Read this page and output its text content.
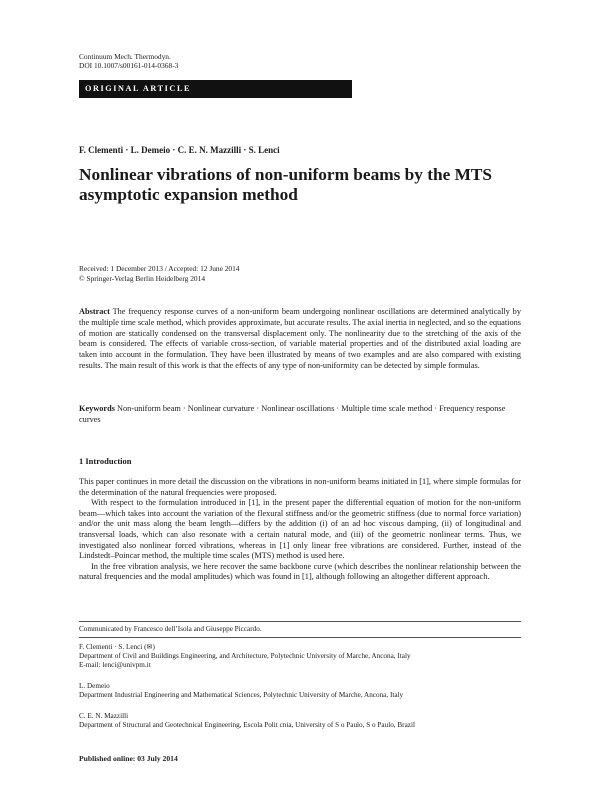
Continuum Mech. Thermodyn.
DOI 10.1007/s00161-014-0368-3
ORIGINAL ARTICLE
F. Clementi · L. Demeio · C. E. N. Mazzilli · S. Lenci
Nonlinear vibrations of non-uniform beams by the MTS asymptotic expansion method
Received: 1 December 2013 / Accepted: 12 June 2014
© Springer-Verlag Berlin Heidelberg 2014
Abstract The frequency response curves of a non-uniform beam undergoing nonlinear oscillations are determined analytically by the multiple time scale method, which provides approximate, but accurate results. The axial inertia in neglected, and so the equations of motion are statically condensed on the transversal displacement only. The nonlinearity due to the stretching of the axis of the beam is considered. The effects of variable cross-section, of variable material properties and of the distributed axial loading are taken into account in the formulation. They have been illustrated by means of two examples and are also compared with existing results. The main result of this work is that the effects of any type of non-uniformity can be detected by simple formulas.
Keywords Non-uniform beam · Nonlinear curvature · Nonlinear oscillations · Multiple time scale method · Frequency response curves
1 Introduction

This paper continues in more detail the discussion on the vibrations in non-uniform beams initiated in [1], where simple formulas for the determination of the natural frequencies were proposed.

With respect to the formulation introduced in [1], in the present paper the differential equation of motion for the non-uniform beam—which takes into account the variation of the flexural stiffness and/or the geometric stiffness (due to normal force variation) and/or the unit mass along the beam length—differs by the addition (i) of an ad hoc viscous damping, (ii) of longitudinal and transversal loads, which can also resonate with a certain natural mode, and (iii) of the geometric nonlinear terms. Thus, we investigated also nonlinear forced vibrations, whereas in [1] only linear free vibrations are considered. Further, instead of the Lindstedt–Poincar method, the multiple time scales (MTS) method is used here.

In the free vibration analysis, we here recover the same backbone curve (which describes the nonlinear relationship between the natural frequencies and the modal amplitudes) which was found in [1], although following an altogether different approach.

Communicated by Francesco dell’Isola and Giuseppe Piccardo.
F. Clementi · S. Lenci (✉)
Department of Civil and Buildings Engineering, and Architecture, Polytechnic University of Marche, Ancona, Italy
E-mail: lenci@univpm.it
L. Demeio
Department Industrial Engineering and Mathematical Sciences, Polytechnic University of Marche, Ancona, Italy
C. E. N. Mazzilli
Department of Structural and Geotechnical Engineering, Escola Polit cnia, University of S o Paulo, S o Paulo, Brazil
Published online: 03 July 2014
